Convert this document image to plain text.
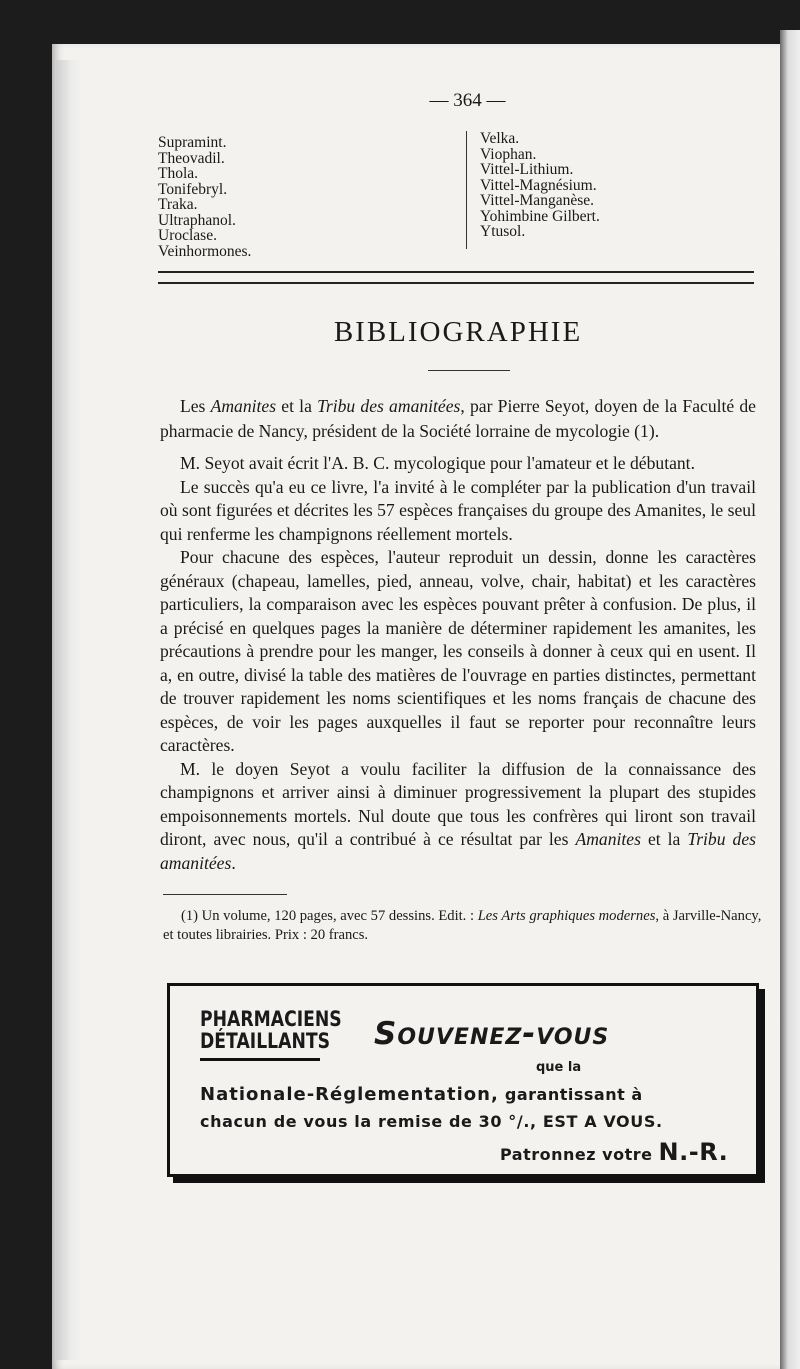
— 364 —
Supramint.
Theovadil.
Thola.
Tonifebryl.
Traka.
Ultraphanol.
Uroclase.
Veinhormones.
Velka.
Viophan.
Vittel-Lithium.
Vittel-Magnésium.
Vittel-Manganèse.
Yohimbine Gilbert.
Ytusol.
BIBLIOGRAPHIE

Les Amanites et la Tribu des amanitées, par Pierre Seyot, doyen de la Faculté de pharmacie de Nancy, président de la Société lorraine de mycologie (1).

M. Seyot avait écrit l'A. B. C. mycologique pour l'amateur et le débutant.

Le succès qu'a eu ce livre, l'a invité à le compléter par la publication d'un travail où sont figurées et décrites les 57 espèces françaises du groupe des Amanites, le seul qui renferme les champignons réellement mortels.

Pour chacune des espèces, l'auteur reproduit un dessin, donne les caractères généraux (chapeau, lamelles, pied, anneau, volve, chair, habitat) et les caractères particuliers, la comparaison avec les espèces pouvant prêter à confusion. De plus, il a précisé en quelques pages la manière de déterminer rapidement les amanites, les précautions à prendre pour les manger, les conseils à donner à ceux qui en usent. Il a, en outre, divisé la table des matières de l'ouvrage en parties distinctes, permettant de trouver rapidement les noms scientifiques et les noms français de chacune des espèces, de voir les pages auxquelles il faut se reporter pour reconnaître leurs caractères.

M. le doyen Seyot a voulu faciliter la diffusion de la connaissance des champignons et arriver ainsi à diminuer progressivement la plupart des stupides empoisonnements mortels. Nul doute que tous les confrères qui liront son travail diront, avec nous, qu'il a contribué à ce résultat par les Amanites et la Tribu des amanitées.

(1) Un volume, 120 pages, avec 57 dessins. Edit. : Les Arts graphiques modernes, à Jarville-Nancy, et toutes librairies. Prix : 20 francs.

PHARMACIENS
DÉTAILLANTS Souvenez-vous
que la
Nationale-Réglementation, garantissant à
chacun de vous la remise de 30 °/., EST A VOUS.
Patronnez votre N.-R.
